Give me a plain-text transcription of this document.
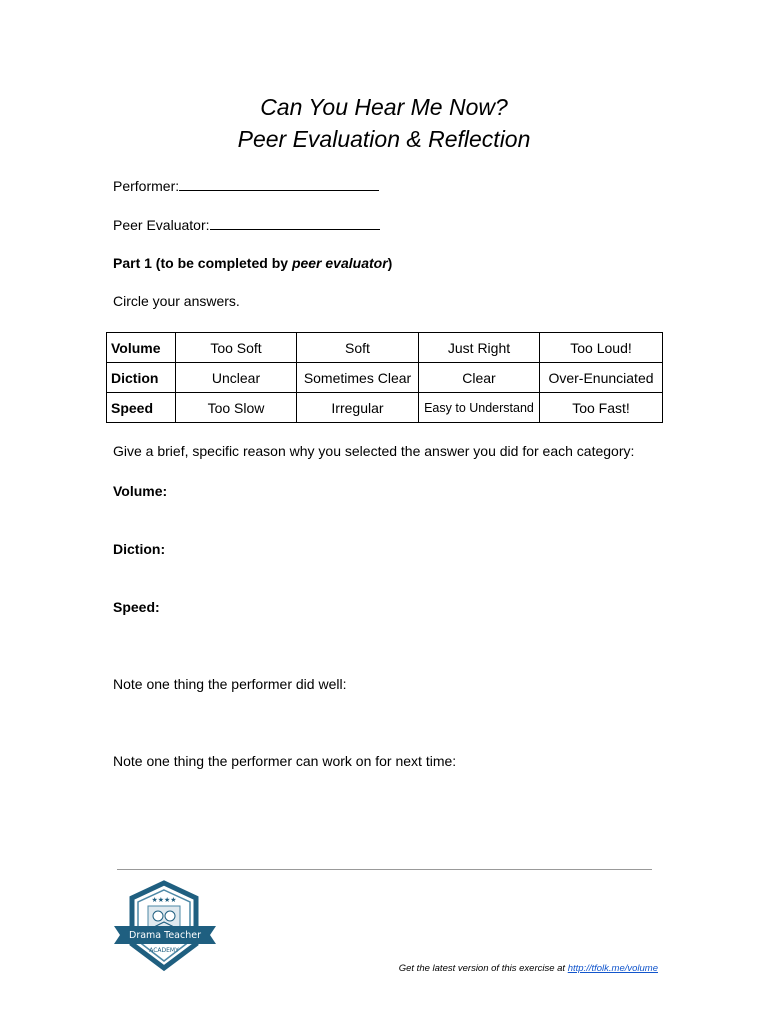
Can You Hear Me Now?
Peer Evaluation & Reflection
Performer:
Peer Evaluator:
Part 1 (to be completed by peer evaluator)
Circle your answers.
Volume	Too Soft	Soft	Just Right	Too Loud!
Diction	Unclear	Sometimes Clear	Clear	Over-Enunciated
Speed	Too Slow	Irregular	Easy to Understand	Too Fast!
Give a brief, specific reason why you selected the answer you did for each category:
Volume:
Diction:
Speed:
Note one thing the performer did well:
Note one thing the performer can work on for next time:
★★★★
Drama Teacher
ACADEMY
Get the latest version of this exercise at http://tfolk.me/volume
